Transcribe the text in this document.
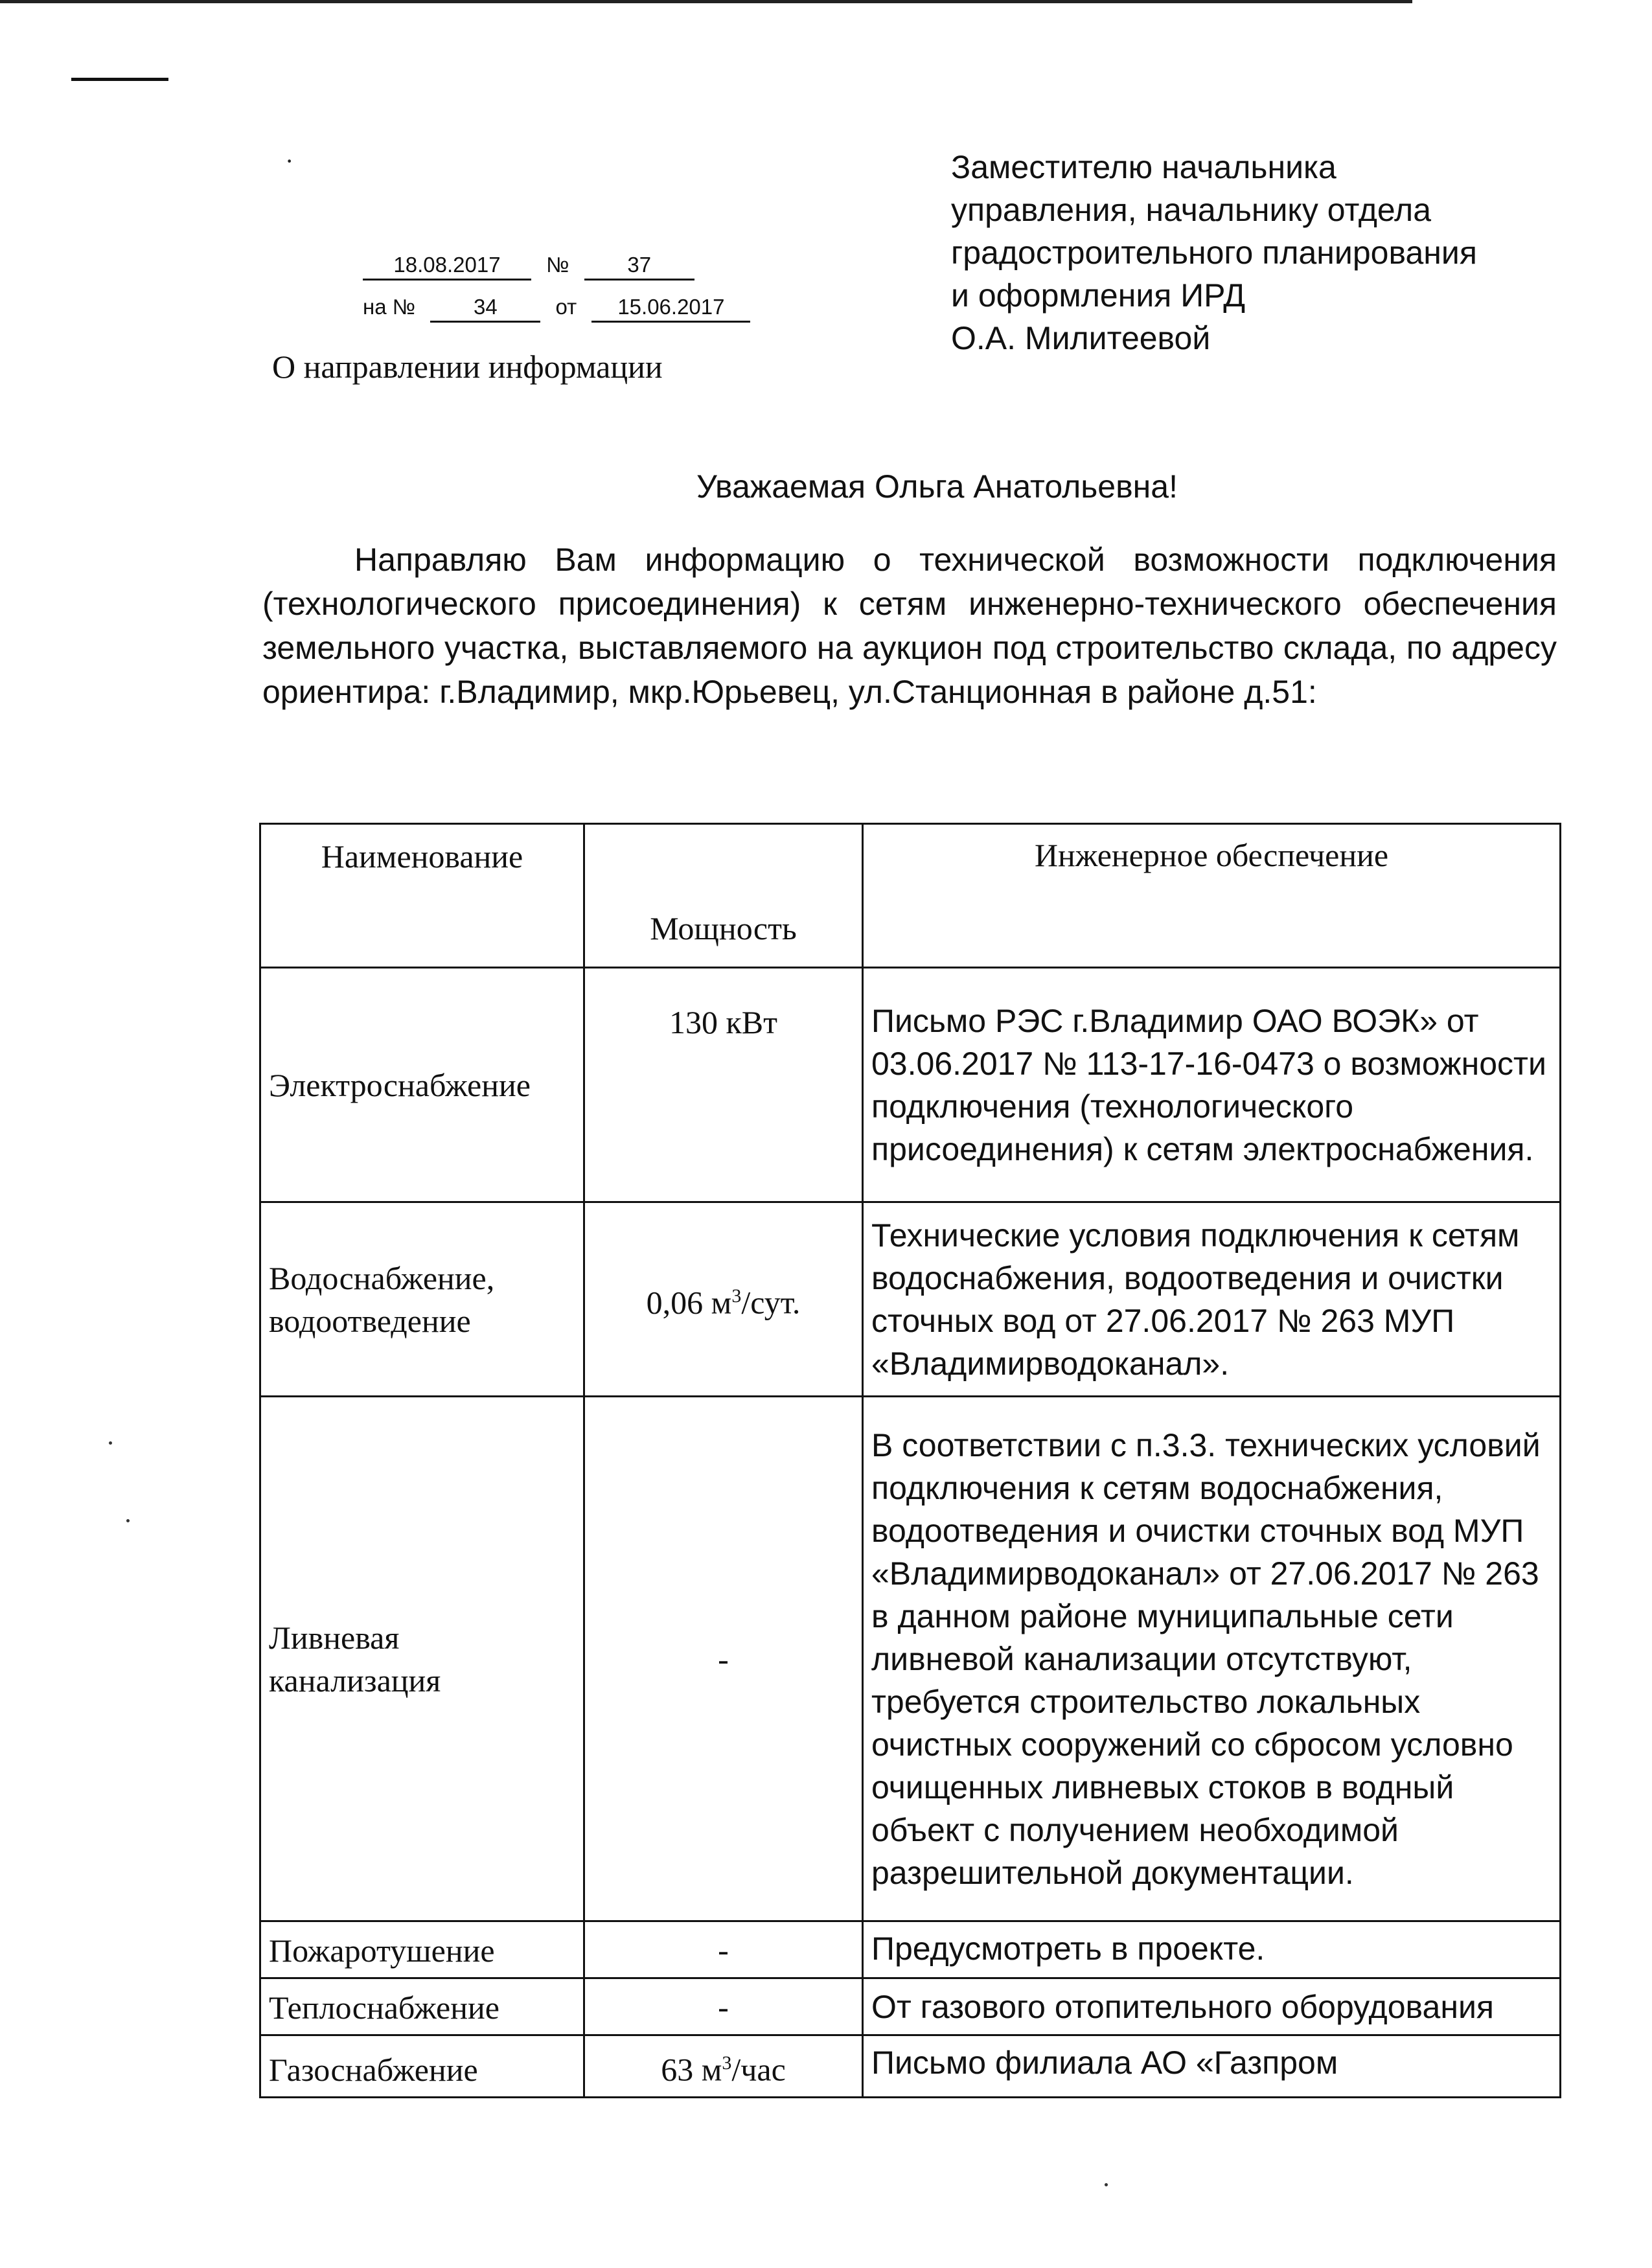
·	Заместителю начальника
управления, начальнику отдела
градостроительного планирования
и оформления ИРД
О.А. Милитеевой
18.08.2017 №	37
на №	34	от 15.06.2017
О направлении информации
Уважаемая Ольга Анатольевна!

Направляю Вам информацию о технической возможности подключения (технологического присоединения) к сетям инженерно-технического обеспечения земельного участка, выставляемого на аукцион под строительство склада, по адресу ориентира: г.Владимир, мкр.Юрьевец, ул.Станционная в районе д.51:

Наименование	Мощность	Инженерное обеспечение
Электроснабжение	130 кВт	Письмо РЭС г.Владимир ОАО ВОЭК» от 03.06.2017 № 113-17-16-0473 о возможности подключения (технологического присоединения) к сетям электроснабжения.
Водоснабжение, водоотведение	0,06 $м^3$/сут.	Технические условия подключения к сетям водоснабжения, водоотведения и очистки сточных вод от 27.06.2017 № 263 МУП «Владимирводоканал».
Ливневая канализация	-	В соответствии с п.3.3. технических условий подключения к сетям водоснабжения, водоотведения и очистки сточных вод МУП «Владимирводоканал» от 27.06.2017 № 263 в данном районе муниципальные сети ливневой канализации отсутствуют, требуется строительство локальных очистных сооружений со сбросом условно очищенных ливневых стоков в водный объект с получением необходимой разрешительной документации.
Пожаротушение	-	Предусмотреть в проекте.
Теплоснабжение	-	От газового отопительного оборудования
Газоснабжение	63 $м^3$/час	Письмо филиала АО «Газпром
